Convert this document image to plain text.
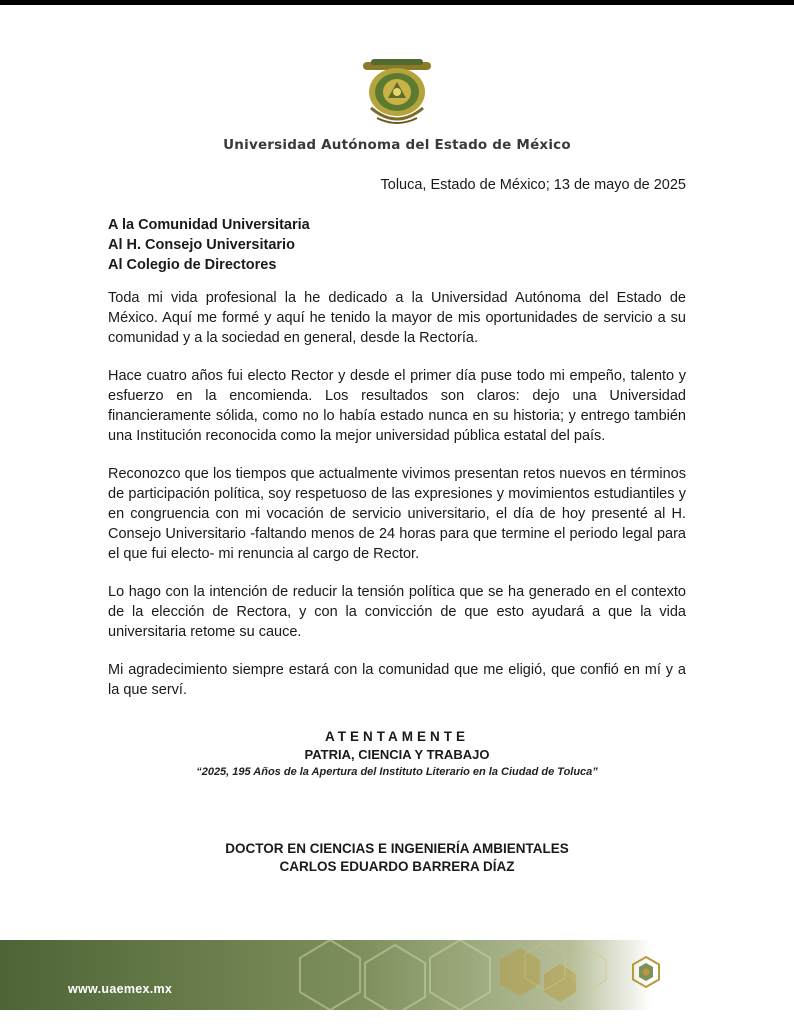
Universidad Autónoma del Estado de México
Toluca, Estado de México; 13 de mayo de 2025
A la Comunidad Universitaria
Al H. Consejo Universitario
Al Colegio de Directores

Toda mi vida profesional la he dedicado a la Universidad Autónoma del Estado de México. Aquí me formé y aquí he tenido la mayor de mis oportunidades de servicio a su comunidad y a la sociedad en general, desde la Rectoría.

Hace cuatro años fui electo Rector y desde el primer día puse todo mi empeño, talento y esfuerzo en la encomienda. Los resultados son claros: dejo una Universidad financieramente sólida, como no lo había estado nunca en su historia; y entrego también una Institución reconocida como la mejor universidad pública estatal del país.

Reconozco que los tiempos que actualmente vivimos presentan retos nuevos en términos de participación política, soy respetuoso de las expresiones y movimientos estudiantiles y en congruencia con mi vocación de servicio universitario, el día de hoy presenté al H. Consejo Universitario -faltando menos de 24 horas para que termine el periodo legal para el que fui electo- mi renuncia al cargo de Rector.

Lo hago con la intención de reducir la tensión política que se ha generado en el contexto de la elección de Rectora, y con la convicción de que esto ayudará a que la vida universitaria retome su cauce.

Mi agradecimiento siempre estará con la comunidad que me eligió, que confió en mí y a la que serví.

ATENTAMENTE
PATRIA, CIENCIA Y TRABAJO
“2025, 195 Años de la Apertura del Instituto Literario en la Ciudad de Toluca”
DOCTOR EN CIENCIAS E INGENIERÍA AMBIENTALES
CARLOS EDUARDO BARRERA DÍAZ
www.uaemex.mx
